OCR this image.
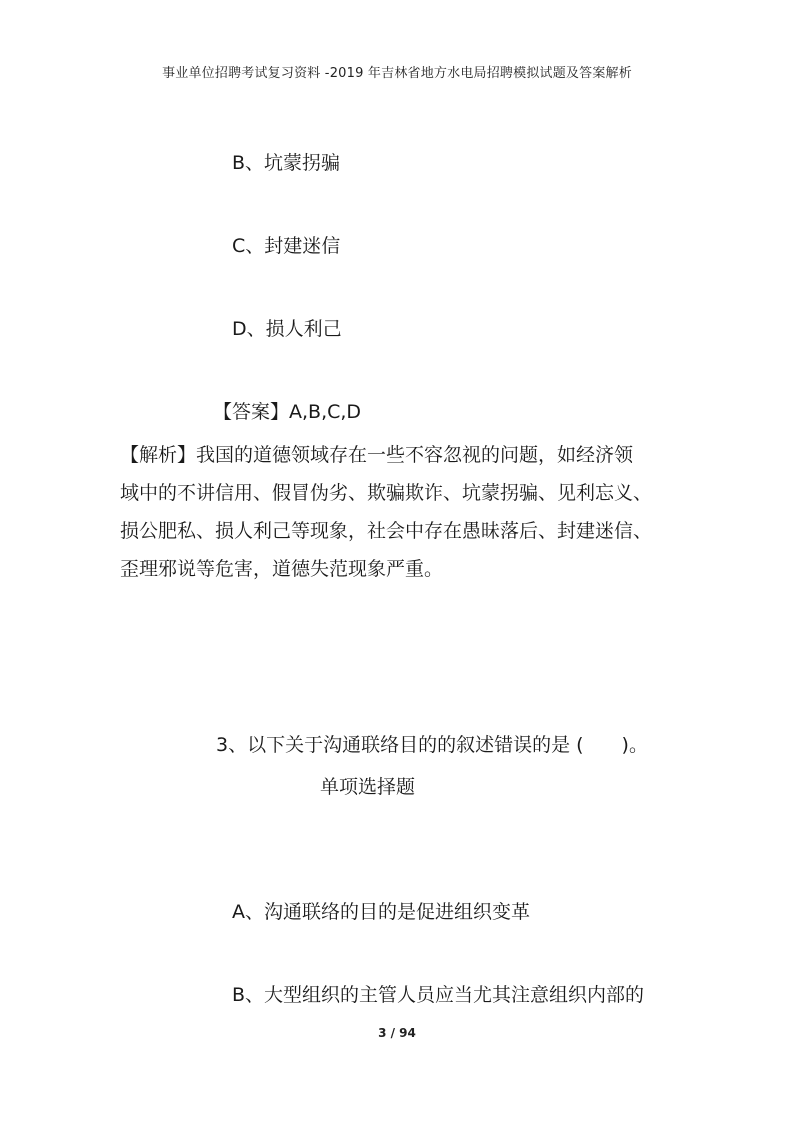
事业单位招聘考试复习资料 -2019 年吉林省地方水电局招聘模拟试题及答案解析
B、坑蒙拐骗
C、封建迷信
D、损人利己
【答案】A,B,C,D

【解析】我国的道德领域存在一些不容忽视的问题，如经济领

域中的不讲信用、假冒伪劣、欺骗欺诈、坑蒙拐骗、见利忘义、

损公肥私、损人利己等现象，社会中存在愚昧落后、封建迷信、

歪理邪说等危害，道德失范现象严重。

3、以下关于沟通联络目的的叙述错误的是 (　　)。
单项选择题
A、沟通联络的目的是促进组织变革
B、大型组织的主管人员应当尤其注意组织内部的
3 / 94
